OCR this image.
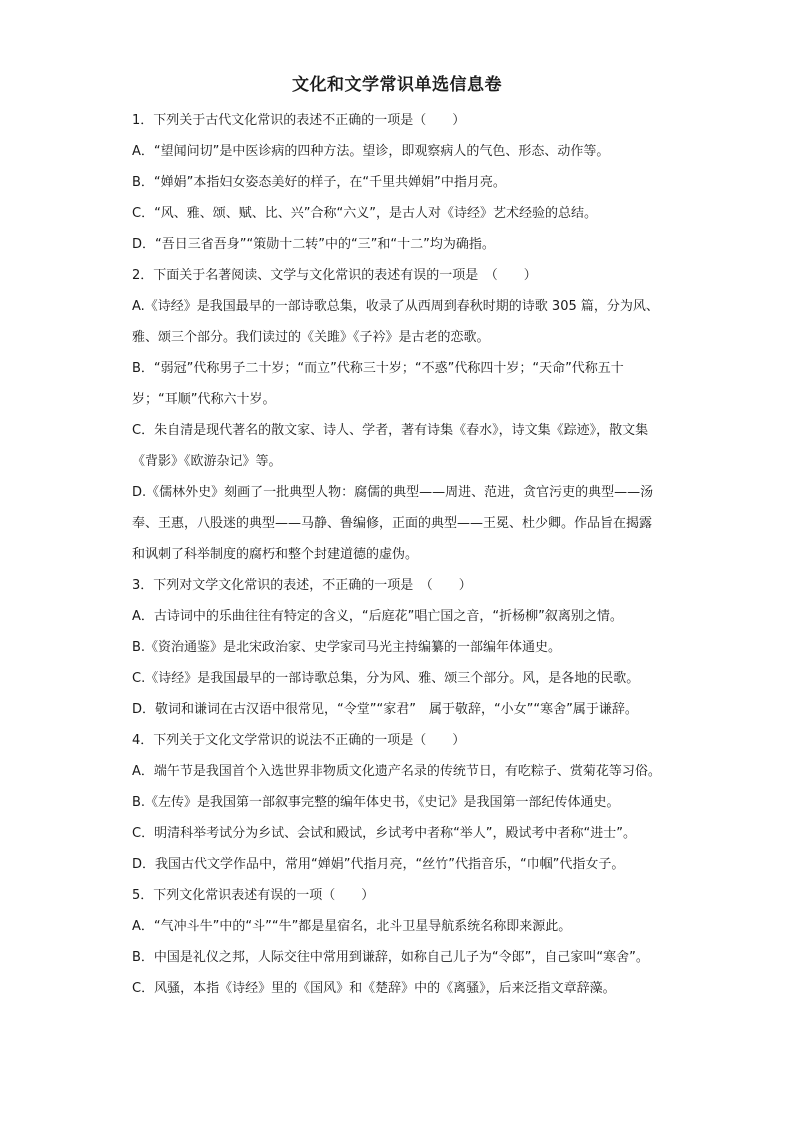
文化和文学常识单选信息卷

1．下列关于古代文化常识的表述不正确的一项是（　　）

A．“望闻问切”是中医诊病的四种方法。望诊，即观察病人的气色、形态、动作等。

B．“婵娟”本指妇女姿态美好的样子，在“千里共婵娟”中指月亮。

C．“风、雅、颂、赋、比、兴”合称“六义”，是古人对《诗经》艺术经验的总结。

D．“吾日三省吾身”“策勋十二转”中的“三”和“十二”均为确指。

2．下面关于名著阅读、文学与文化常识的表述有误的一项是　（　　）

A.《诗经》是我国最早的一部诗歌总集，收录了从西周到春秋时期的诗歌 305 篇，分为风、雅、颂三个部分。我们读过的《关雎》《子衿》是古老的恋歌。

B．“弱冠”代称男子二十岁；“而立”代称三十岁；“不惑”代称四十岁；“天命”代称五十岁；“耳顺”代称六十岁。

C．朱自清是现代著名的散文家、诗人、学者，著有诗集《春水》，诗文集《踪迹》，散文集《背影》《欧游杂记》等。

D.《儒林外史》刻画了一批典型人物：腐儒的典型——周进、范进，贪官污吏的典型——汤奉、王惠，八股迷的典型——马静、鲁编修，正面的典型——王冕、杜少卿。作品旨在揭露和讽刺了科举制度的腐朽和整个封建道德的虚伪。

3．下列对文学文化常识的表述，不正确的一项是　（　　）

A．古诗词中的乐曲往往有特定的含义，“后庭花”唱亡国之音，“折杨柳”叙离别之情。

B.《资治通鉴》是北宋政治家、史学家司马光主持编纂的一部编年体通史。

C.《诗经》是我国最早的一部诗歌总集，分为风、雅、颂三个部分。风，是各地的民歌。

D．敬词和谦词在古汉语中很常见，“令堂”“家君”　属于敬辞，“小女”“寒舍”属于谦辞。

4．下列关于文化文学常识的说法不正确的一项是（　　）

A．端午节是我国首个入选世界非物质文化遗产名录的传统节日，有吃粽子、赏菊花等习俗。

B.《左传》是我国第一部叙事完整的编年体史书，《史记》是我国第一部纪传体通史。

C．明清科举考试分为乡试、会试和殿试，乡试考中者称“举人”，殿试考中者称“进士”。

D．我国古代文学作品中，常用“婵娟”代指月亮，“丝竹”代指音乐，“巾帼”代指女子。

5．下列文化常识表述有误的一项（　　）

A．“气冲斗牛”中的“斗”“牛”都是星宿名，北斗卫星导航系统名称即来源此。

B．中国是礼仪之邦，人际交往中常用到谦辞，如称自己儿子为“令郎”，自己家叫“寒舍”。

C．风骚，本指《诗经》里的《国风》和《楚辞》中的《离骚》，后来泛指文章辞藻。
